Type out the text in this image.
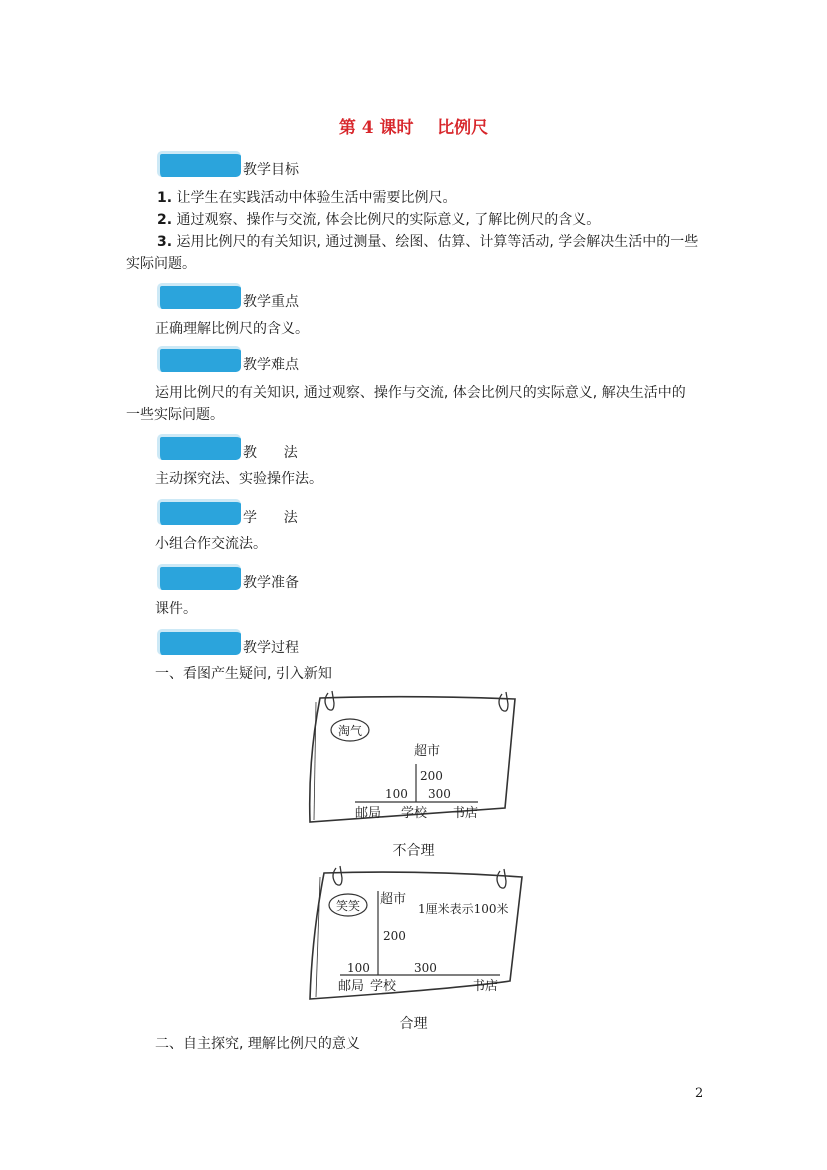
第 4 课时    比例尺
教学目标
1. 让学生在实践活动中体验生活中需要比例尺。
2. 通过观察、操作与交流, 体会比例尺的实际意义, 了解比例尺的含义。
3. 运用比例尺的有关知识, 通过测量、绘图、估算、计算等活动, 学会解决生活中的一些
实际问题。
教学重点
正确理解比例尺的含义。
教学难点
运用比例尺的有关知识, 通过观察、操作与交流, 体会比例尺的实际意义, 解决生活中的
一些实际问题。
教      法
主动探究法、实验操作法。
学      法
小组合作交流法。
教学准备
课件。
教学过程
一、看图产生疑问, 引入新知
淘气
超市
200
100 300
邮局 学校 书店
不合理
笑笑 超市
1厘米表示100米
200
100	300
邮局 学校	书店
合理
二、自主探究, 理解比例尺的意义
2
